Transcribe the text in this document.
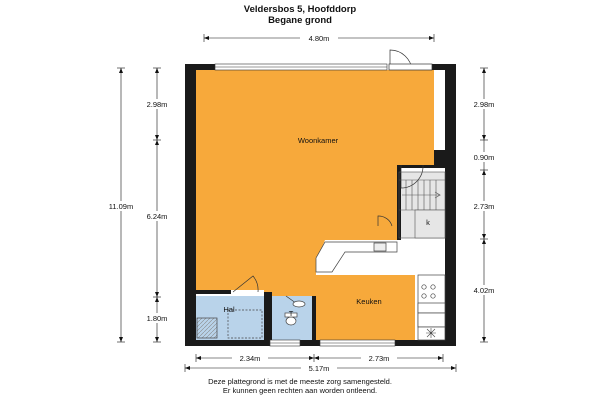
Veldersbos 5, Hoofddorp
Begane grond
Woonkamer
Keuken
Hal	T
k
4.80m
11.09m
2.98m
6.24m
1.80m
2.98m
0.90m
2.73m
4.02m
2.34m	2.73m
5.17m
Deze plattegrond is met de meeste zorg samengesteld.
Er kunnen geen rechten aan worden ontleend.
